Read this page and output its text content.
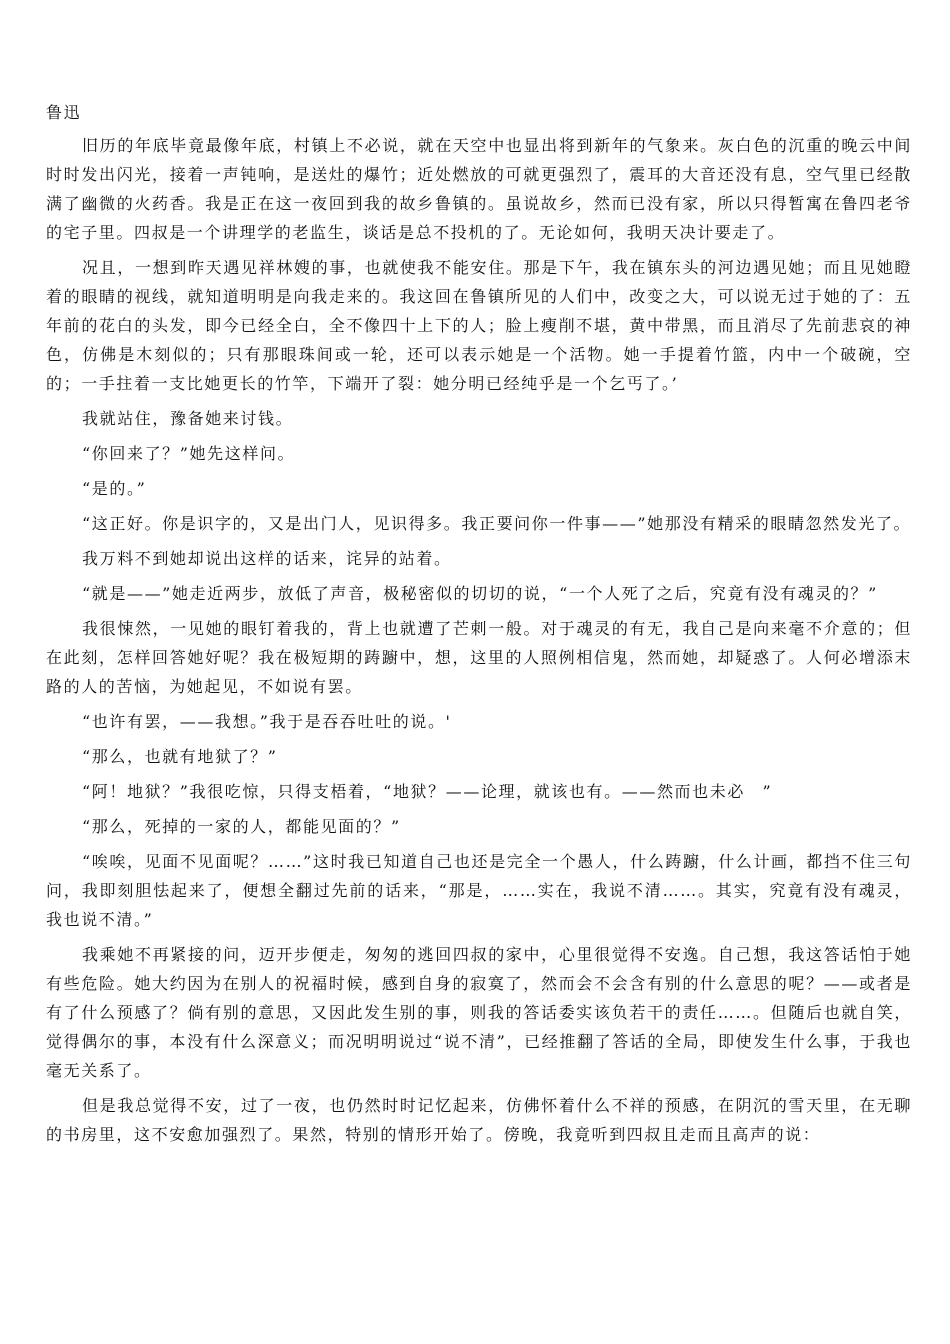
鲁迅

旧历的年底毕竟最像年底，村镇上不必说，就在天空中也显出将到新年的气象来。灰白色的沉重的晚云中间时时发出闪光，接着一声钝响，是送灶的爆竹；近处燃放的可就更强烈了，震耳的大音还没有息，空气里已经散满了幽微的火药香。我是正在这一夜回到我的故乡鲁镇的。虽说故乡，然而已没有家，所以只得暂寓在鲁四老爷的宅子里。四叔是一个讲理学的老监生，谈话是总不投机的了。无论如何，我明天决计要走了。

况且，一想到昨天遇见祥林嫂的事，也就使我不能安住。那是下午，我在镇东头的河边遇见她；而且见她瞪着的眼睛的视线，就知道明明是向我走来的。我这回在鲁镇所见的人们中，改变之大，可以说无过于她的了：五年前的花白的头发，即今已经全白，全不像四十上下的人；脸上瘦削不堪，黄中带黑，而且消尽了先前悲哀的神色，仿佛是木刻似的；只有那眼珠间或一轮，还可以表示她是一个活物。她一手提着竹篮，内中一个破碗，空的；一手拄着一支比她更长的竹竿，下端开了裂：她分明已经纯乎是一个乞丐了。’

我就站住，豫备她来讨钱。

“你回来了？”她先这样问。

“是的。”

“这正好。你是识字的，又是出门人，见识得多。我正要问你一件事——”她那没有精采的眼睛忽然发光了。

我万料不到她却说出这样的话来，诧异的站着。

“就是——”她走近两步，放低了声音，极秘密似的切切的说，“一个人死了之后，究竟有没有魂灵的？”

我很悚然，一见她的眼钉着我的，背上也就遭了芒刺一般。对于魂灵的有无，我自己是向来毫不介意的；但在此刻，怎样回答她好呢？我在极短期的踌躕中，想，这里的人照例相信鬼，然而她，却疑惑了。人何必增添末路的人的苦恼，为她起见，不如说有罢。

“也许有罢，——我想。”我于是吞吞吐吐的说。'

“那么，也就有地狱了？”

“阿！地狱？”我很吃惊，只得支梧着，“地狱？——论理，就该也有。——然而也未必　”

“那么，死掉的一家的人，都能见面的？”

“唉唉，见面不见面呢？……”这时我已知道自己也还是完全一个愚人，什么踌躕，什么计画，都挡不住三句问，我即刻胆怯起来了，便想全翻过先前的话来，“那是，……实在，我说不清……。其实，究竟有没有魂灵，我也说不清。”

我乘她不再紧接的问，迈开步便走，匆匆的逃回四叔的家中，心里很觉得不安逸。自己想，我这答话怕于她有些危险。她大约因为在别人的祝福时候，感到自身的寂寞了，然而会不会含有别的什么意思的呢？——或者是有了什么预感了？倘有别的意思，又因此发生别的事，则我的答话委实该负若干的责任……。但随后也就自笑，觉得偶尔的事，本没有什么深意义；而况明明说过“说不清”，已经推翻了答话的全局，即使发生什么事，于我也毫无关系了。

但是我总觉得不安，过了一夜，也仍然时时记忆起来，仿佛怀着什么不祥的预感，在阴沉的雪天里，在无聊的书房里，这不安愈加强烈了。果然，特别的情形开始了。傍晚，我竟听到四叔且走而且高声的说：
